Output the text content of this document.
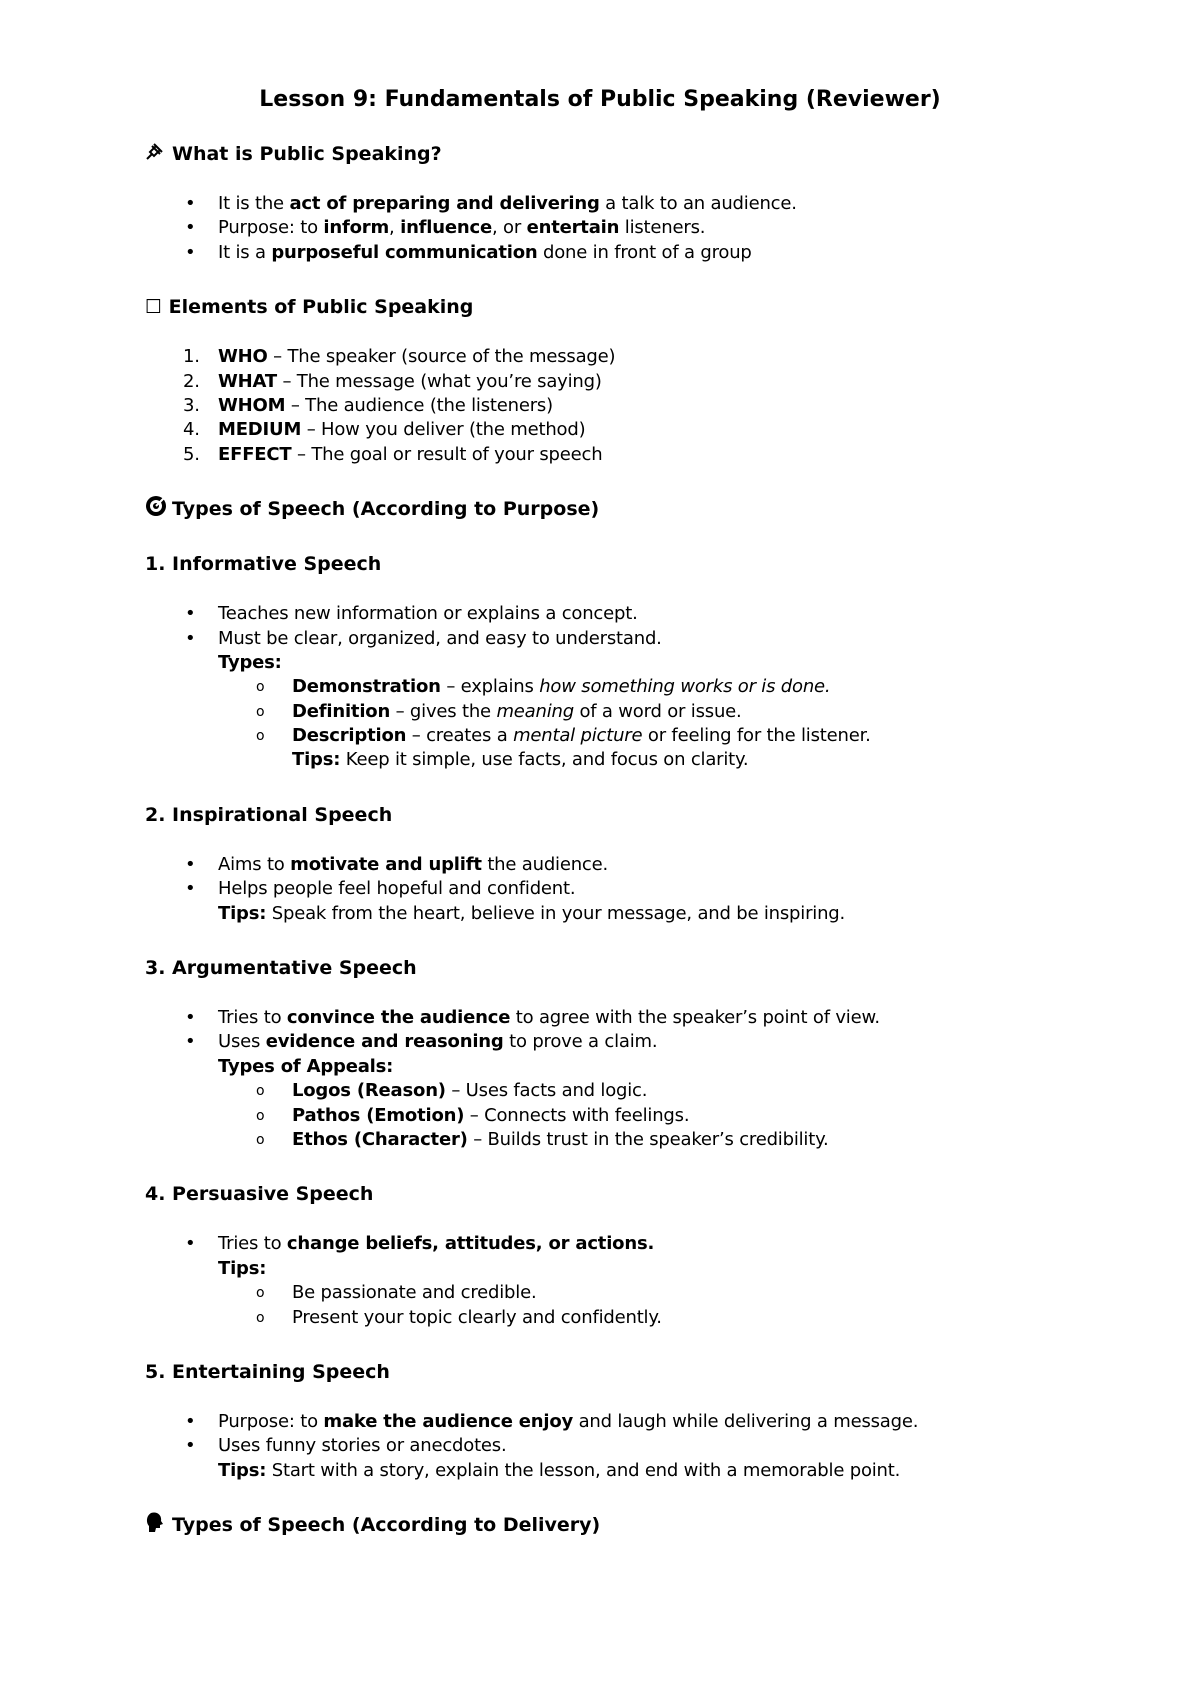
Lesson 9: Fundamentals of Public Speaking (Reviewer)
What is Public Speaking?
•	It is the act of preparing and delivering a talk to an audience.
•	Purpose: to inform, influence, or entertain listeners.
•	It is a purposeful communication done in front of a group
☐ Elements of Public Speaking
1. WHO – The speaker (source of the message)
2. WHAT – The message (what you’re saying)
3. WHOM – The audience (the listeners)
4. MEDIUM – How you deliver (the method)
5. EFFECT – The goal or result of your speech
Types of Speech (According to Purpose)
1. Informative Speech
•	Teaches new information or explains a concept.
•	Must be clear, organized, and easy to understand.
Types:
o Demonstration – explains how something works or is done.
o Definition – gives the meaning of a word or issue.
o Description – creates a mental picture or feeling for the listener.
Tips: Keep it simple, use facts, and focus on clarity.
2. Inspirational Speech
•	Aims to motivate and uplift the audience.
•	Helps people feel hopeful and confident.
Tips: Speak from the heart, believe in your message, and be inspiring.
3. Argumentative Speech
•	Tries to convince the audience to agree with the speaker’s point of view.
•	Uses evidence and reasoning to prove a claim.
Types of Appeals:
o Logos (Reason) – Uses facts and logic.
o Pathos (Emotion) – Connects with feelings.
o Ethos (Character) – Builds trust in the speaker’s credibility.
4. Persuasive Speech
•	Tries to change beliefs, attitudes, or actions.
Tips:
o Be passionate and credible.
o Present your topic clearly and confidently.
5. Entertaining Speech
•	Purpose: to make the audience enjoy and laugh while delivering a message.
•	Uses funny stories or anecdotes.
Tips: Start with a story, explain the lesson, and end with a memorable point.
Types of Speech (According to Delivery)
